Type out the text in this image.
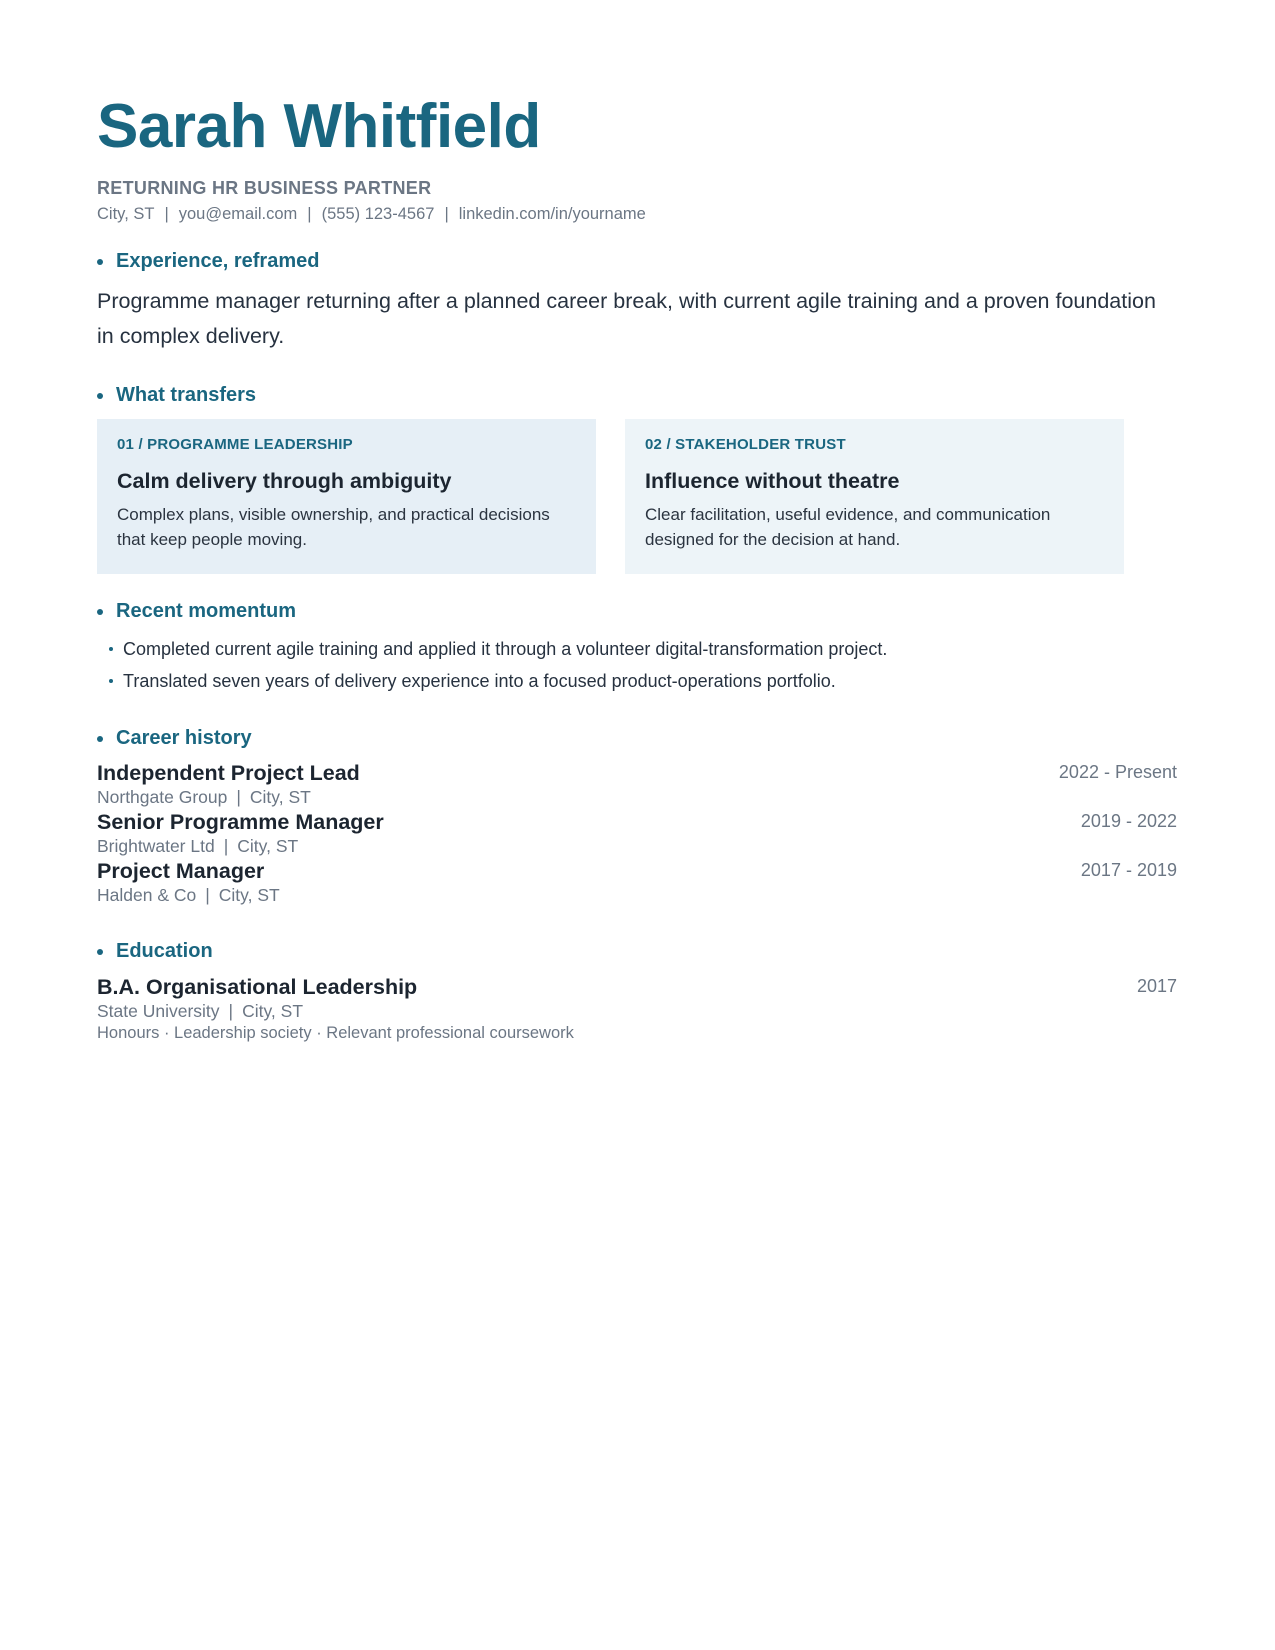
Sarah Whitfield
RETURNING HR BUSINESS PARTNER
City, ST | you@email.com | (555) 123-4567 | linkedin.com/in/yourname
Experience, reframed
Programme manager returning after a planned career break, with current agile training and a proven foundation in complex delivery.
What transfers
01 / PROGRAMME LEADERSHIP
Calm delivery through ambiguity
Complex plans, visible ownership, and practical decisions that keep people moving.
02 / STAKEHOLDER TRUST
Influence without theatre
Clear facilitation, useful evidence, and communication designed for the decision at hand.
Recent momentum
Completed current agile training and applied it through a volunteer digital-transformation project.
Translated seven years of delivery experience into a focused product-operations portfolio.
Career history
Independent Project Lead
Northgate Group | City, ST
2022 - Present
Senior Programme Manager
Brightwater Ltd | City, ST
2019 - 2022
Project Manager
Halden & Co | City, ST
2017 - 2019
Education
B.A. Organisational Leadership
State University | City, ST
Honours · Leadership society · Relevant professional coursework
2017
